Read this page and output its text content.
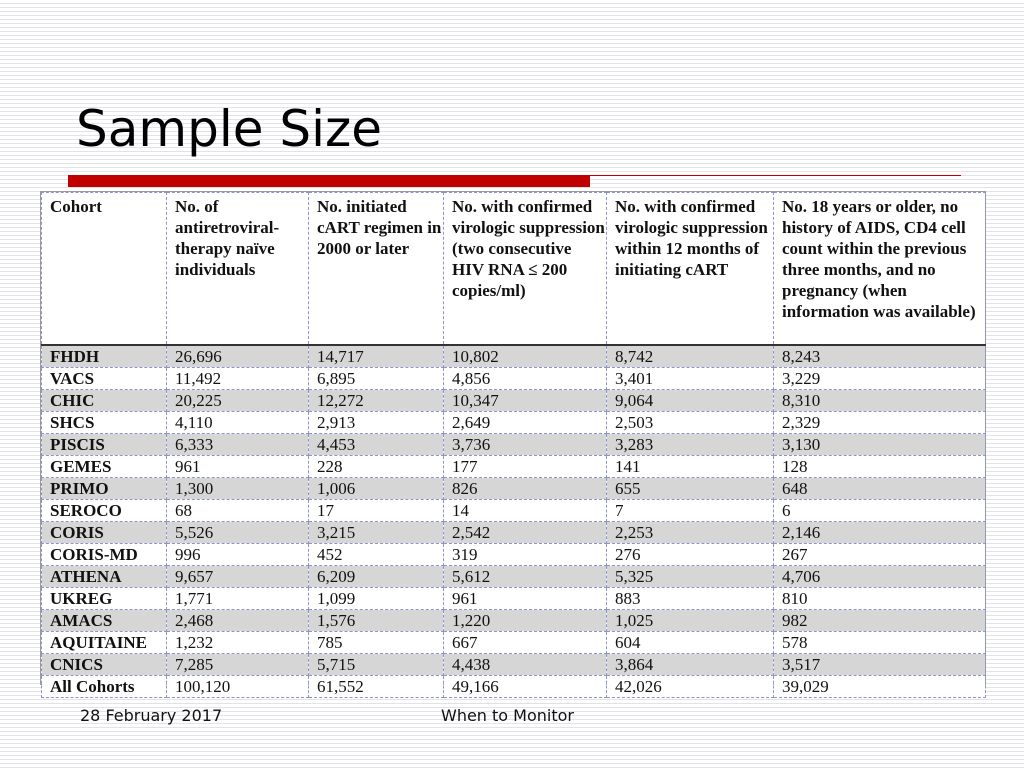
Sample Size
Cohort	No. of antiretroviral-therapy naïve individuals	No. initiated cART regimen in 2000 or later	No. with confirmed virologic suppression (two consecutive HIV RNA ≤ 200 copies/ml)	No. with confirmed virologic suppression within 12 months of initiating cART	No. 18 years or older, no history of AIDS, CD4 cell count within the previous three months, and no pregnancy (when information was available)
FHDH	26,696	14,717	10,802	8,742	8,243
VACS	11,492	6,895	4,856	3,401	3,229
CHIC	20,225	12,272	10,347	9,064	8,310
SHCS	4,110	2,913	2,649	2,503	2,329
PISCIS	6,333	4,453	3,736	3,283	3,130
GEMES	961	228	177	141	128
PRIMO	1,300	1,006	826	655	648
SEROCO	68	17	14	7	6
CORIS	5,526	3,215	2,542	2,253	2,146
CORIS-MD	996	452	319	276	267
ATHENA	9,657	6,209	5,612	5,325	4,706
UKREG	1,771	1,099	961	883	810
AMACS	2,468	1,576	1,220	1,025	982
AQUITAINE	1,232	785	667	604	578
CNICS	7,285	5,715	4,438	3,864	3,517
All Cohorts	100,120	61,552	49,166	42,026	39,029
28 February 2017	When to Monitor
